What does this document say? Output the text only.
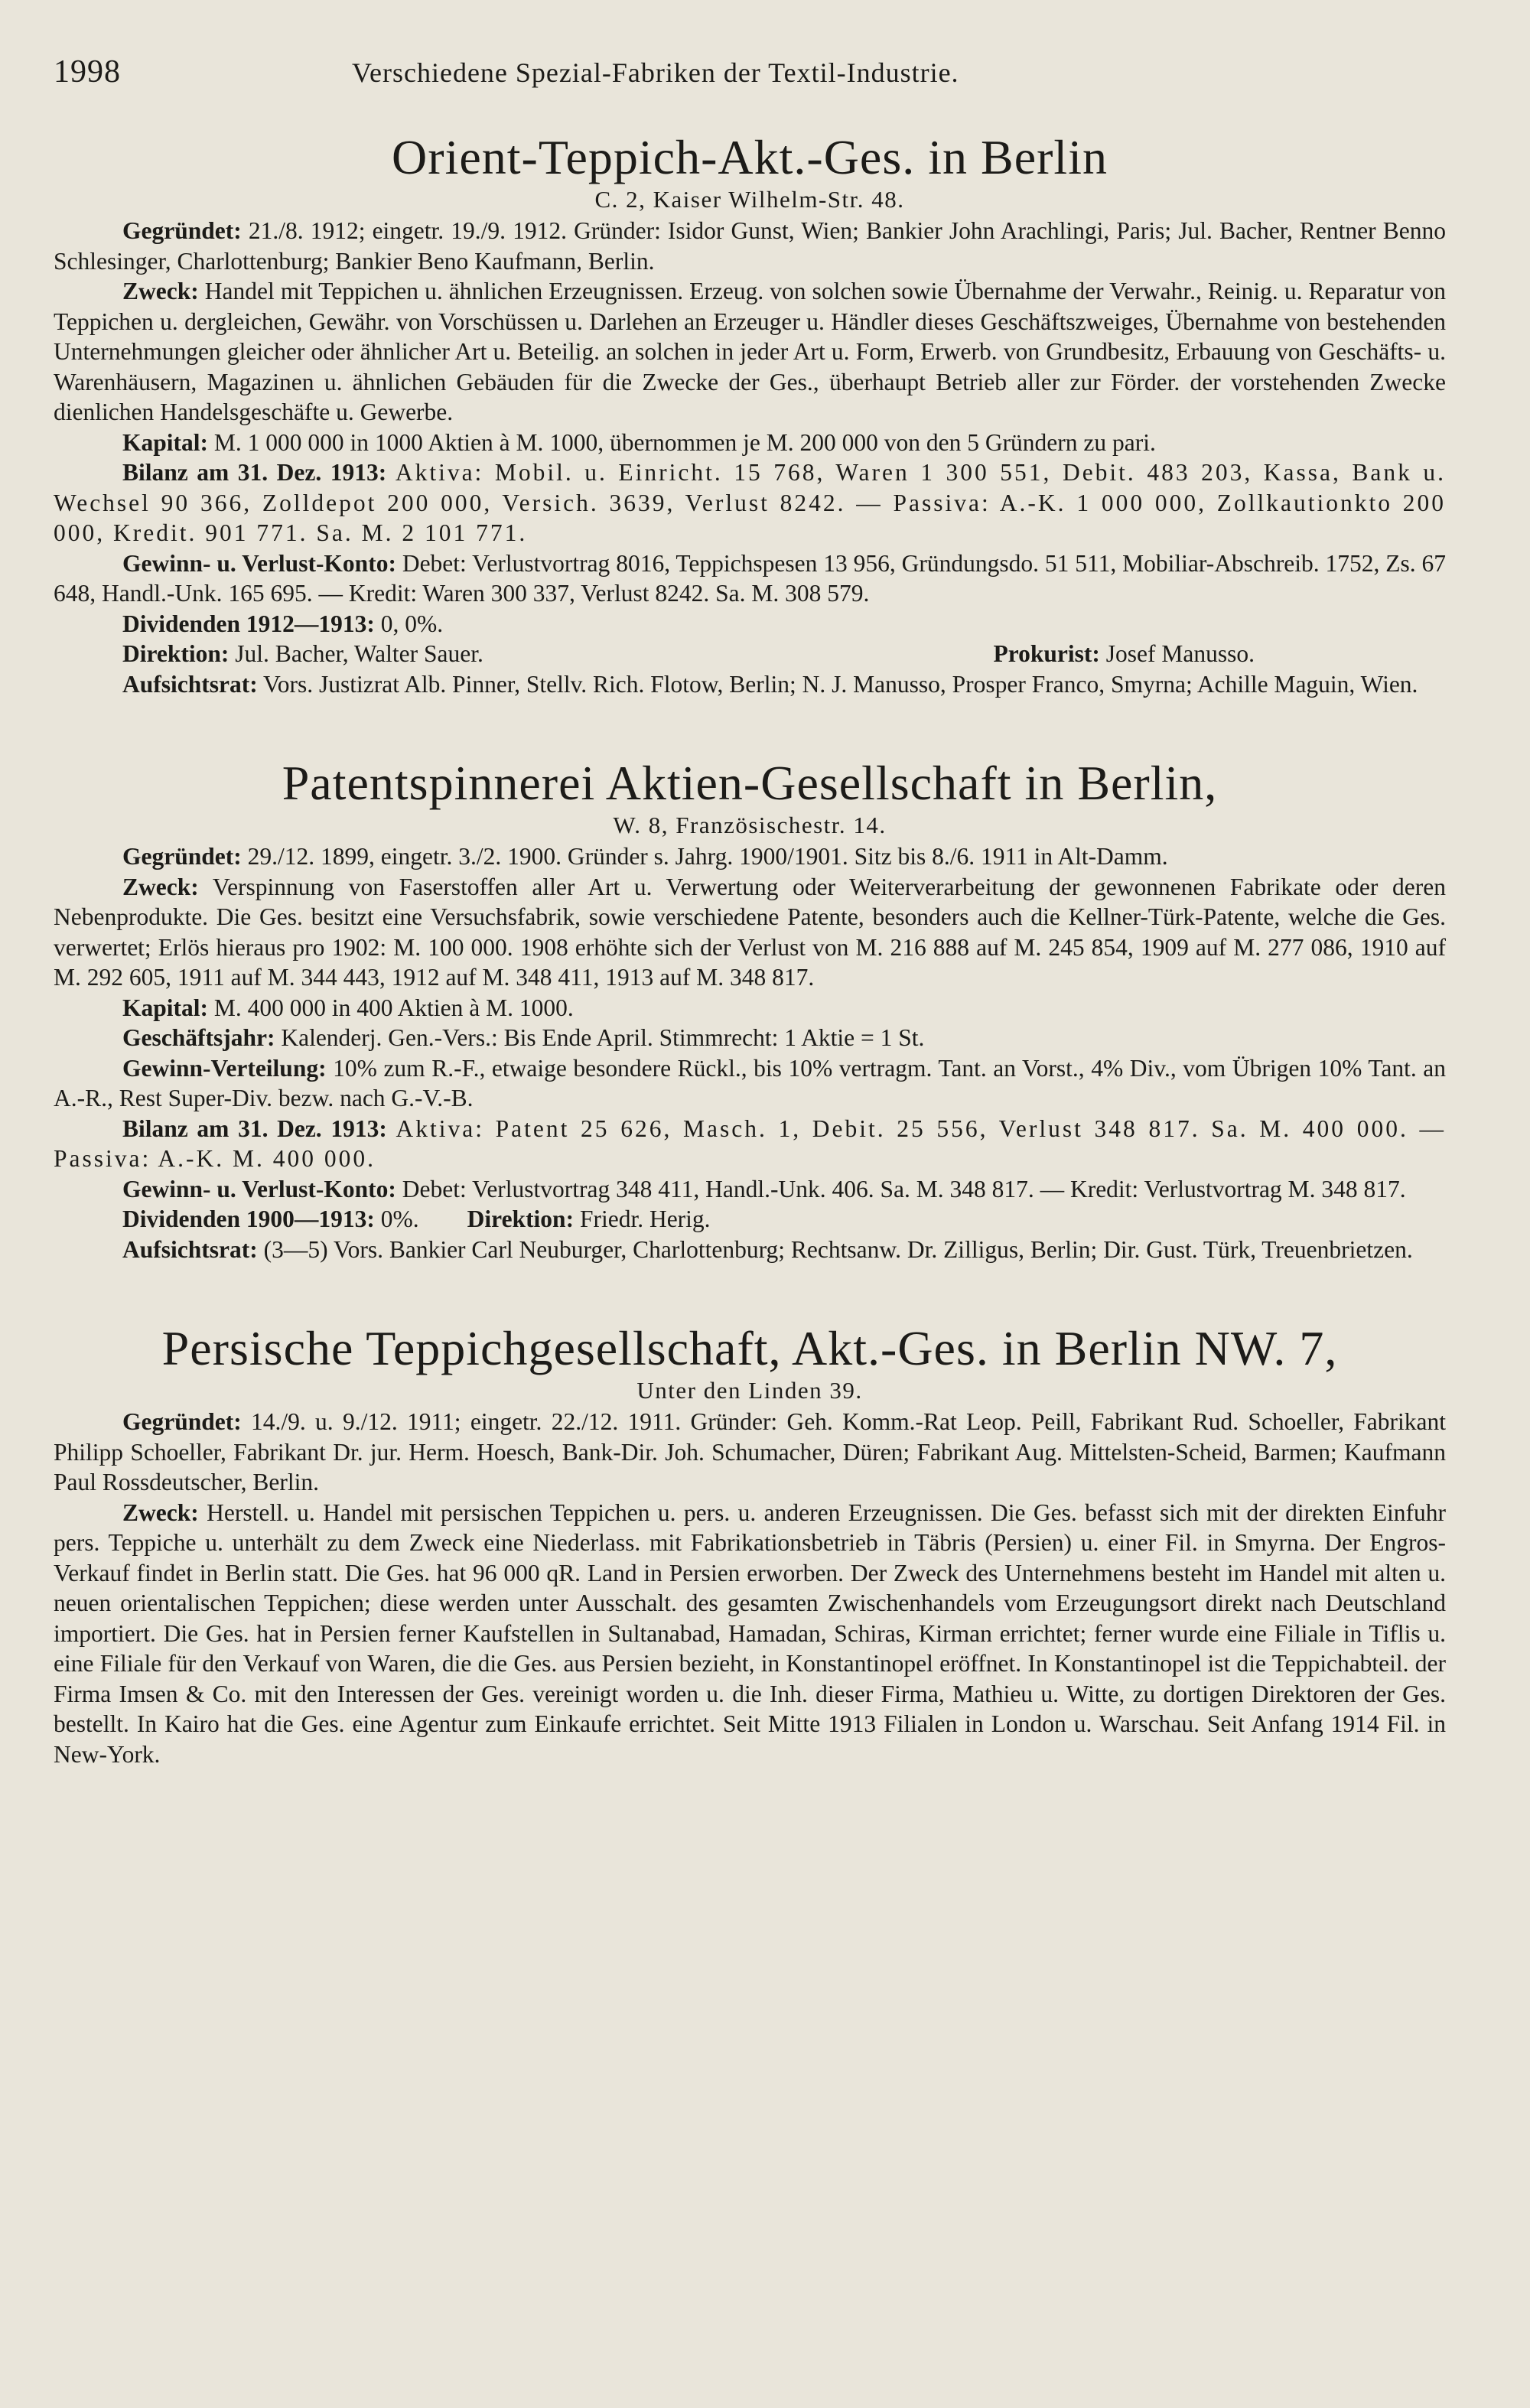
1998	Verschiedene Spezial-Fabriken der Textil-Industrie.
Orient-Teppich-Akt.-Ges. in Berlin
C. 2, Kaiser Wilhelm-Str. 48.

Gegründet: 21./8. 1912; eingetr. 19./9. 1912. Gründer: Isidor Gunst, Wien; Bankier John Arachlingi, Paris; Jul. Bacher, Rentner Benno Schlesinger, Charlottenburg; Bankier Beno Kaufmann, Berlin.

Zweck: Handel mit Teppichen u. ähnlichen Erzeugnissen. Erzeug. von solchen sowie Übernahme der Verwahr., Reinig. u. Reparatur von Teppichen u. dergleichen, Gewähr. von Vorschüssen u. Darlehen an Erzeuger u. Händler dieses Geschäftszweiges, Übernahme von bestehenden Unternehmungen gleicher oder ähnlicher Art u. Beteilig. an solchen in jeder Art u. Form, Erwerb. von Grundbesitz, Erbauung von Geschäfts- u. Warenhäusern, Magazinen u. ähnlichen Gebäuden für die Zwecke der Ges., überhaupt Betrieb aller zur Förder. der vorstehenden Zwecke dienlichen Handelsgeschäfte u. Gewerbe.

Kapital: M. 1 000 000 in 1000 Aktien à M. 1000, übernommen je M. 200 000 von den 5 Gründern zu pari.

Bilanz am 31. Dez. 1913: Aktiva: Mobil. u. Einricht. 15 768, Waren 1 300 551, Debit. 483 203, Kassa, Bank u. Wechsel 90 366, Zolldepot 200 000, Versich. 3639, Verlust 8242. — Passiva: A.-K. 1 000 000, Zollkautionkto 200 000, Kredit. 901 771. Sa. M. 2 101 771.

Gewinn- u. Verlust-Konto: Debet: Verlustvortrag 8016, Teppichspesen 13 956, Gründungsdo. 51 511, Mobiliar-Abschreib. 1752, Zs. 67 648, Handl.-Unk. 165 695. — Kredit: Waren 300 337, Verlust 8242. Sa. M. 308 579.

Dividenden 1912—1913: 0, 0%.

Direktion: Jul. Bacher, Walter Sauer.	Prokurist: Josef Manusso.

Aufsichtsrat: Vors. Justizrat Alb. Pinner, Stellv. Rich. Flotow, Berlin; N. J. Manusso, Prosper Franco, Smyrna; Achille Maguin, Wien.

Patentspinnerei Aktien-Gesellschaft in Berlin,
W. 8, Französischestr. 14.

Gegründet: 29./12. 1899, eingetr. 3./2. 1900. Gründer s. Jahrg. 1900/1901. Sitz bis 8./6. 1911 in Alt-Damm.

Zweck: Verspinnung von Faserstoffen aller Art u. Verwertung oder Weiterverarbeitung der gewonnenen Fabrikate oder deren Nebenprodukte. Die Ges. besitzt eine Versuchsfabrik, sowie verschiedene Patente, besonders auch die Kellner-Türk-Patente, welche die Ges. verwertet; Erlös hieraus pro 1902: M. 100 000. 1908 erhöhte sich der Verlust von M. 216 888 auf M. 245 854, 1909 auf M. 277 086, 1910 auf M. 292 605, 1911 auf M. 344 443, 1912 auf M. 348 411, 1913 auf M. 348 817.

Kapital: M. 400 000 in 400 Aktien à M. 1000.

Geschäftsjahr: Kalenderj. Gen.-Vers.: Bis Ende April. Stimmrecht: 1 Aktie = 1 St.

Gewinn-Verteilung: 10% zum R.-F., etwaige besondere Rückl., bis 10% vertragm. Tant. an Vorst., 4% Div., vom Übrigen 10% Tant. an A.-R., Rest Super-Div. bezw. nach G.-V.-B.

Bilanz am 31. Dez. 1913: Aktiva: Patent 25 626, Masch. 1, Debit. 25 556, Verlust 348 817. Sa. M. 400 000. — Passiva: A.-K. M. 400 000.

Gewinn- u. Verlust-Konto: Debet: Verlustvortrag 348 411, Handl.-Unk. 406. Sa. M. 348 817. — Kredit: Verlustvortrag M. 348 817.

Dividenden 1900—1913: 0%. Direktion: Friedr. Herig.

Aufsichtsrat: (3—5) Vors. Bankier Carl Neuburger, Charlottenburg; Rechtsanw. Dr. Zilligus, Berlin; Dir. Gust. Türk, Treuenbrietzen.

Persische Teppichgesellschaft, Akt.-Ges. in Berlin NW. 7,
Unter den Linden 39.

Gegründet: 14./9. u. 9./12. 1911; eingetr. 22./12. 1911. Gründer: Geh. Komm.-Rat Leop. Peill, Fabrikant Rud. Schoeller, Fabrikant Philipp Schoeller, Fabrikant Dr. jur. Herm. Hoesch, Bank-Dir. Joh. Schumacher, Düren; Fabrikant Aug. Mittelsten-Scheid, Barmen; Kaufmann Paul Rossdeutscher, Berlin.

Zweck: Herstell. u. Handel mit persischen Teppichen u. pers. u. anderen Erzeugnissen. Die Ges. befasst sich mit der direkten Einfuhr pers. Teppiche u. unterhält zu dem Zweck eine Niederlass. mit Fabrikationsbetrieb in Täbris (Persien) u. einer Fil. in Smyrna. Der Engros-Verkauf findet in Berlin statt. Die Ges. hat 96 000 qR. Land in Persien erworben. Der Zweck des Unternehmens besteht im Handel mit alten u. neuen orientalischen Teppichen; diese werden unter Ausschalt. des gesamten Zwischenhandels vom Erzeugungsort direkt nach Deutschland importiert. Die Ges. hat in Persien ferner Kaufstellen in Sultanabad, Hamadan, Schiras, Kirman errichtet; ferner wurde eine Filiale in Tiflis u. eine Filiale für den Verkauf von Waren, die die Ges. aus Persien bezieht, in Konstantinopel eröffnet. In Konstantinopel ist die Teppichabteil. der Firma Imsen & Co. mit den Interessen der Ges. vereinigt worden u. die Inh. dieser Firma, Mathieu u. Witte, zu dortigen Direktoren der Ges. bestellt. In Kairo hat die Ges. eine Agentur zum Einkaufe errichtet. Seit Mitte 1913 Filialen in London u. Warschau. Seit Anfang 1914 Fil. in New-York.
